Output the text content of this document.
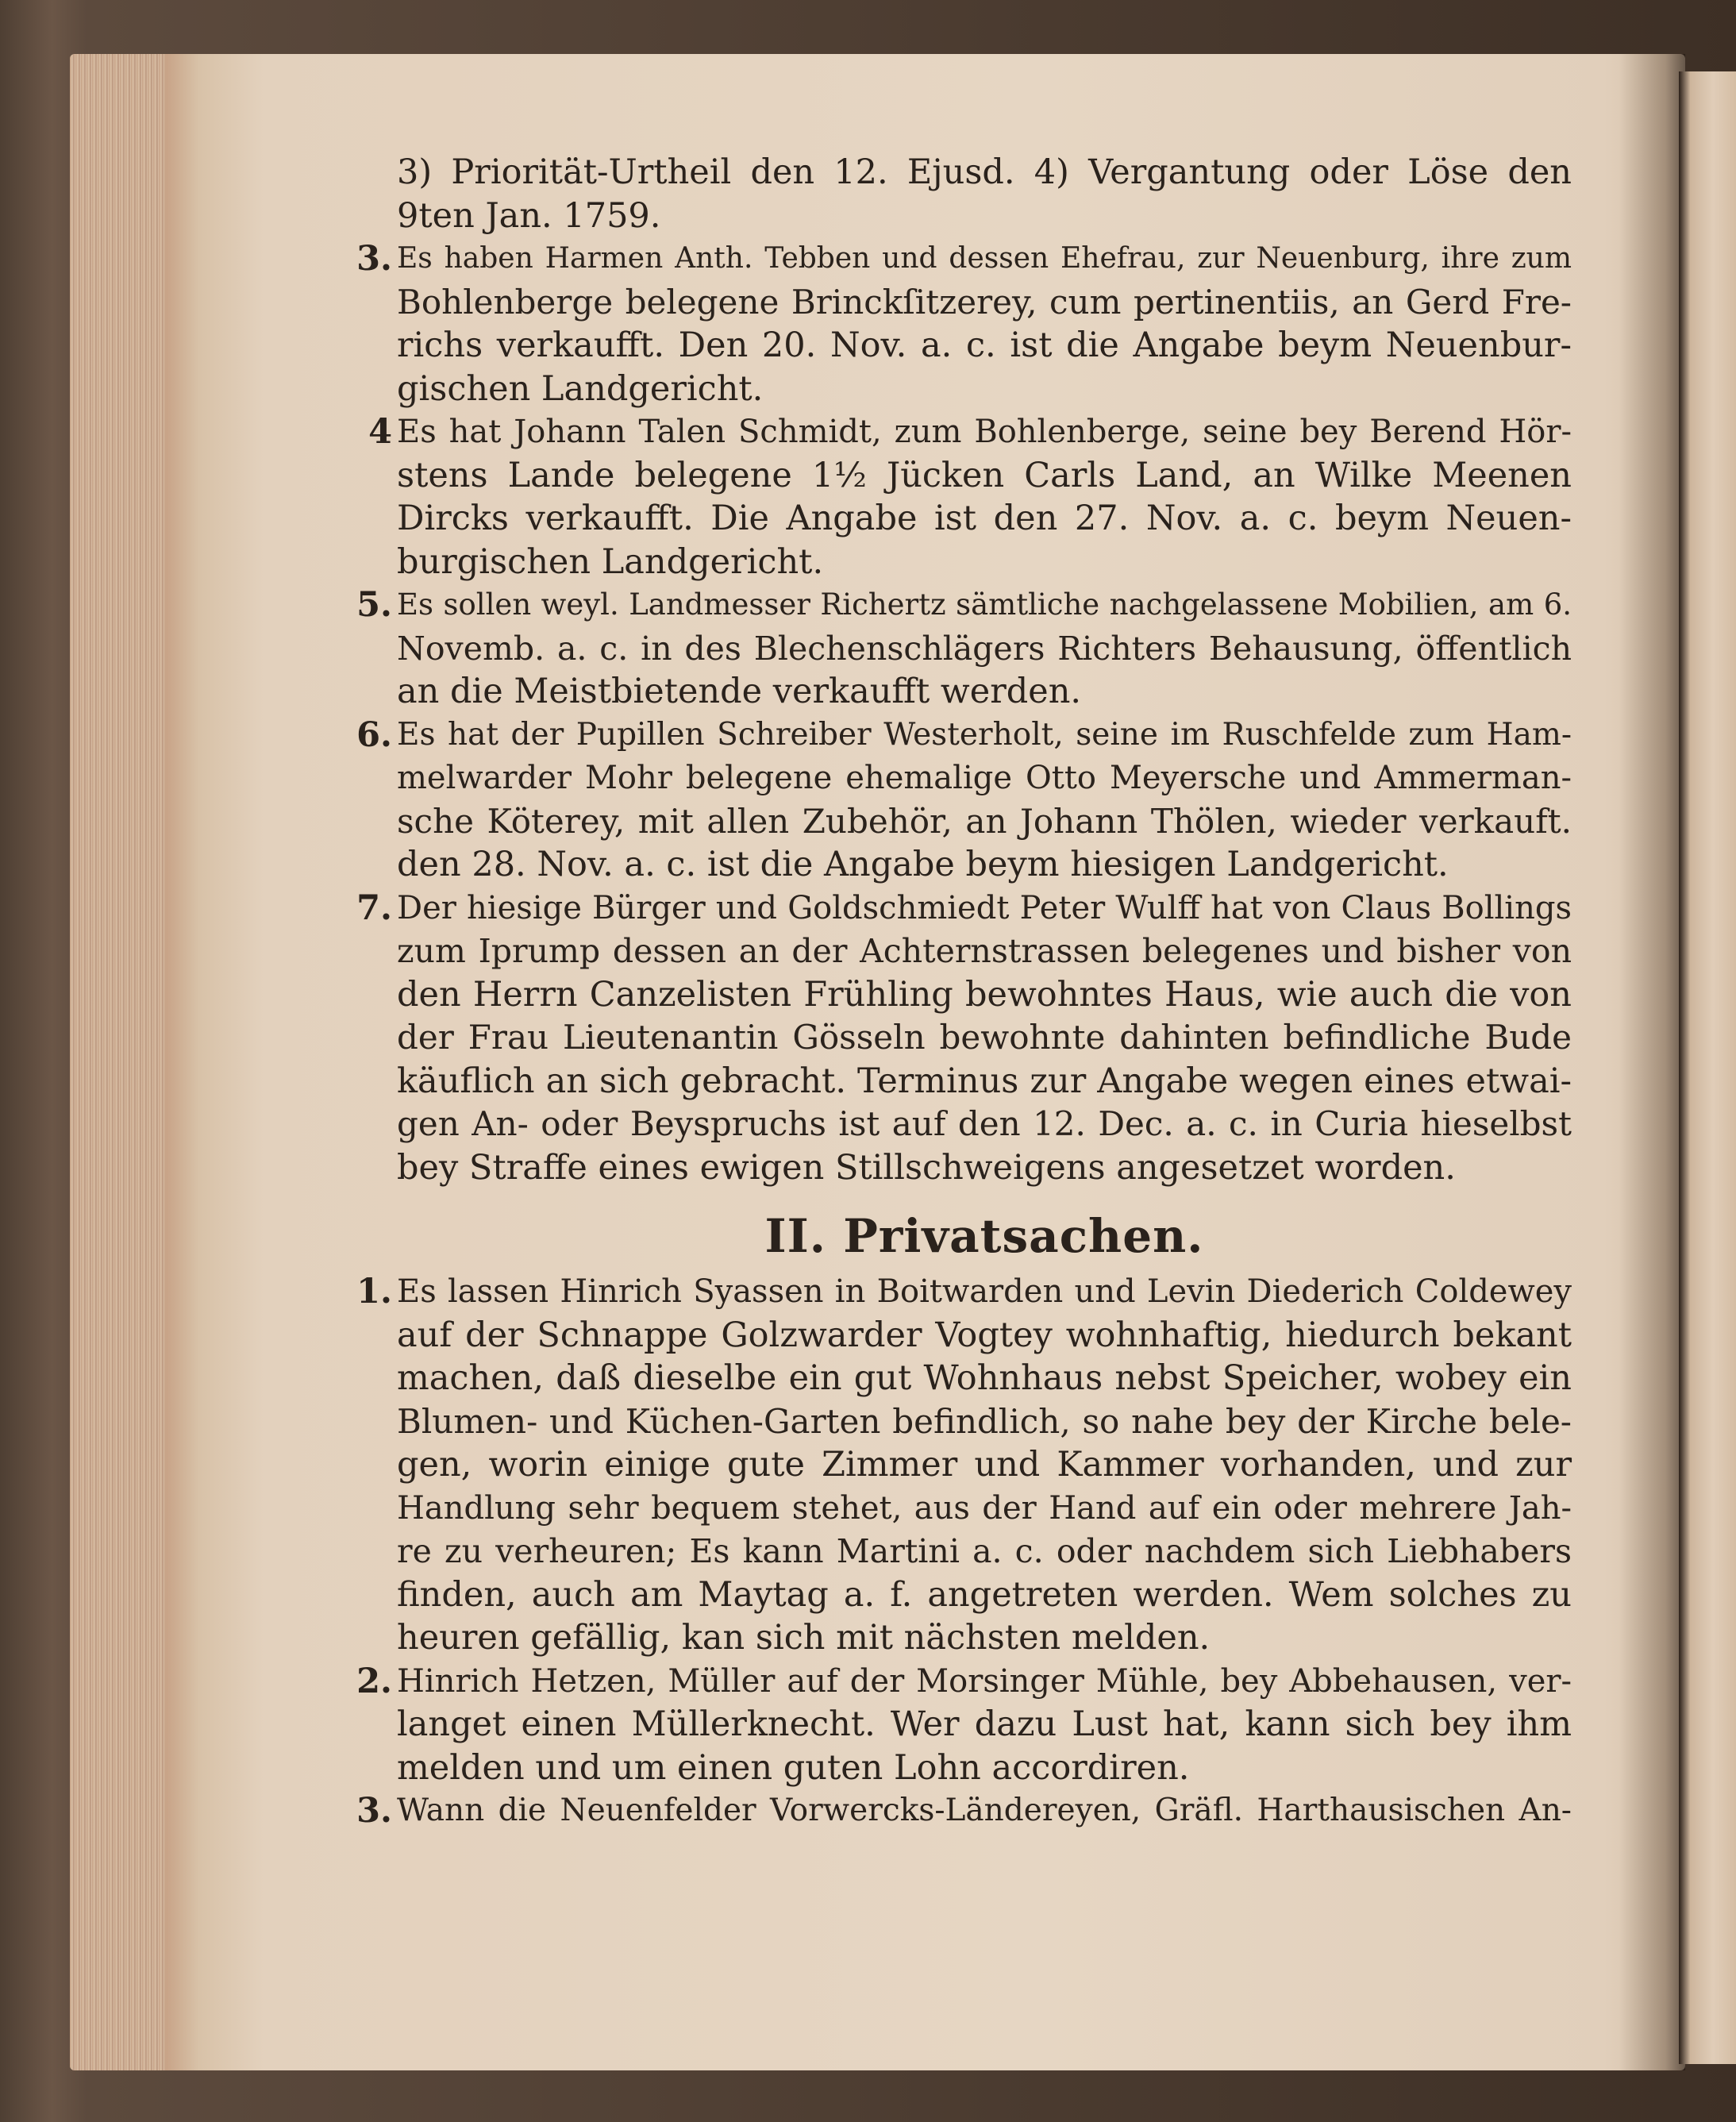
3) Priorität-Urtheil den 12. Ejusd. 4) Vergantung oder Löse den
9ten Jan. 1759.
3. Es haben Harmen Anth. Tebben und dessen Ehefrau, zur Neuenburg, ihre zum
Bohlenberge belegene Brinckſitzerey, cum pertinentiis, an Gerd Fre-
richs verkaufft. Den 20. Nov. a. c. ist die Angabe beym Neuenbur-
gischen Landgericht.
4 Es hat Johann Talen Schmidt, zum Bohlenberge, seine bey Berend Hör-
stens Lande belegene 1½ Jücken Carls Land, an Wilke Meenen
Dircks verkaufft. Die Angabe ist den 27. Nov. a. c. beym Neuen-
burgischen Landgericht.
5. Es sollen weyl. Landmesser Richertz sämtliche nachgelassene Mobilien, am 6.
Novemb. a. c. in des Blechenschlägers Richters Behausung, öffentlich
an die Meistbietende verkaufft werden.
6. Es hat der Pupillen Schreiber Westerholt, seine im Ruschfelde zum Ham-
melwarder Mohr belegene ehemalige Otto Meyersche und Ammerman-
sche Köterey, mit allen Zubehör, an Johann Thölen, wieder verkauft.
den 28. Nov. a. c. ist die Angabe beym hiesigen Landgericht.
7. Der hiesige Bürger und Goldschmiedt Peter Wulff hat von Claus Bollings
zum Iprump dessen an der Achternstrassen belegenes und bisher von
den Herrn Canzelisten Frühling bewohntes Haus, wie auch die von
der Frau Lieutenantin Gösseln bewohnte dahinten befindliche Bude
käuflich an sich gebracht. Terminus zur Angabe wegen eines etwai-
gen An- oder Beyspruchs ist auf den 12. Dec. a. c. in Curia hieselbst
bey Straffe eines ewigen Stillschweigens angesetzet worden.
II. Privatsachen.
1. Es lassen Hinrich Syassen in Boitwarden und Levin Diederich Coldewey
auf der Schnappe Golzwarder Vogtey wohnhaftig, hiedurch bekant
machen, daß dieselbe ein gut Wohnhaus nebst Speicher, wobey ein
Blumen- und Küchen-Garten befindlich, so nahe bey der Kirche bele-
gen, worin einige gute Zimmer und Kammer vorhanden, und zur
Handlung sehr bequem stehet, aus der Hand auf ein oder mehrere Jah-
re zu verheuren; Es kann Martini a. c. oder nachdem sich Liebhabers
finden, auch am Maytag a. f. angetreten werden. Wem solches zu
heuren gefällig, kan sich mit nächsten melden.
2. Hinrich Hetzen, Müller auf der Morsinger Mühle, bey Abbehausen, ver-
langet einen Müllerknecht. Wer dazu Lust hat, kann sich bey ihm
melden und um einen guten Lohn accordiren.
3. Wann die Neuenfelder Vorwercks-Ländereyen, Gräfl. Harthausischen An-
